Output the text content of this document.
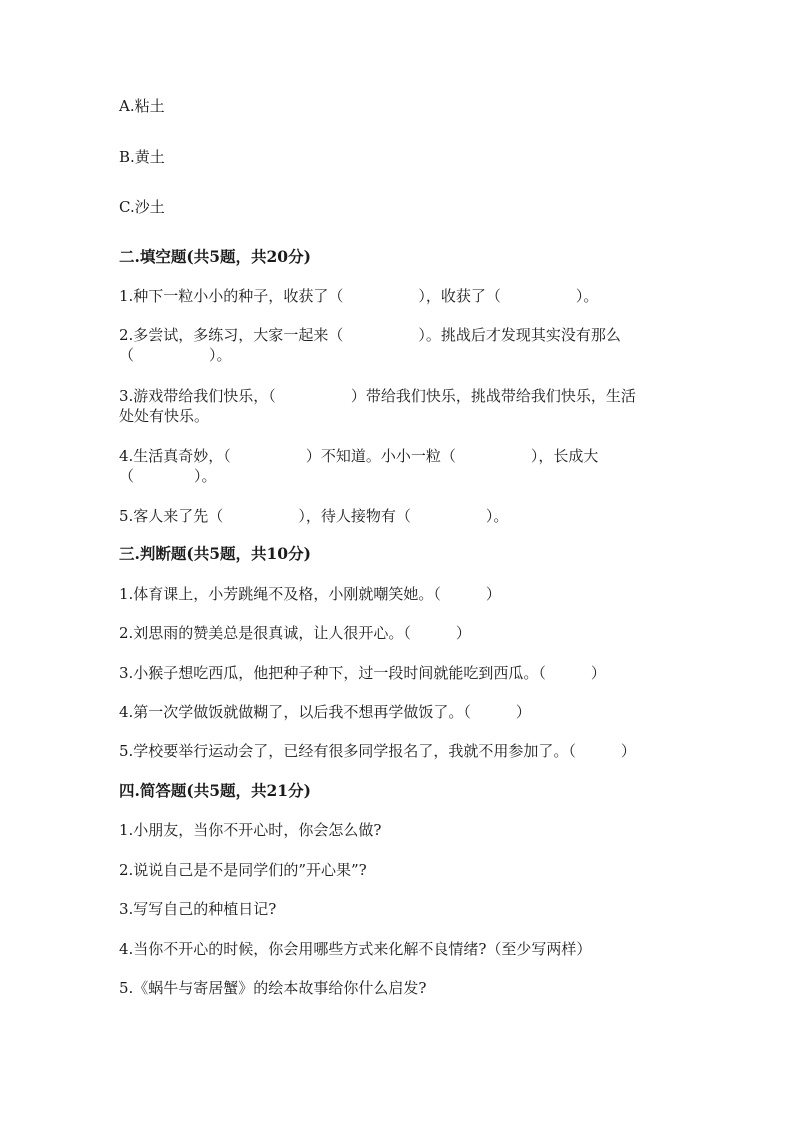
A.粘土
B.黄土
C.沙土
二.填空题(共5题，共20分)
1.种下一粒小小的种子，收获了（　　　　　），收获了（　　　　　）。
2.多尝试，多练习，大家一起来（　　　　　）。挑战后才发现其实没有那么
（　　　　　）。
3.游戏带给我们快乐，（　　　　　）带给我们快乐，挑战带给我们快乐，生活
处处有快乐。
4.生活真奇妙，（　　　　　）不知道。小小一粒（　　　　　），长成大
（　　　　）。
5.客人来了先（　　　　　），待人接物有（　　　　　）。
三.判断题(共5题，共10分)
1.体育课上，小芳跳绳不及格，小刚就嘲笑她。（　　　）
2.刘思雨的赞美总是很真诚，让人很开心。（　　　）
3.小猴子想吃西瓜，他把种子种下，过一段时间就能吃到西瓜。（　　　）
4.第一次学做饭就做糊了，以后我不想再学做饭了。（　　　）
5.学校要举行运动会了，已经有很多同学报名了，我就不用参加了。（　　　）
四.简答题(共5题，共21分)
1.小朋友，当你不开心时，你会怎么做?
2.说说自己是不是同学们的”开心果”?
3.写写自己的种植日记?
4.当你不开心的时候，你会用哪些方式来化解不良情绪?（至少写两样）
5.《蜗牛与寄居蟹》的绘本故事给你什么启发?
